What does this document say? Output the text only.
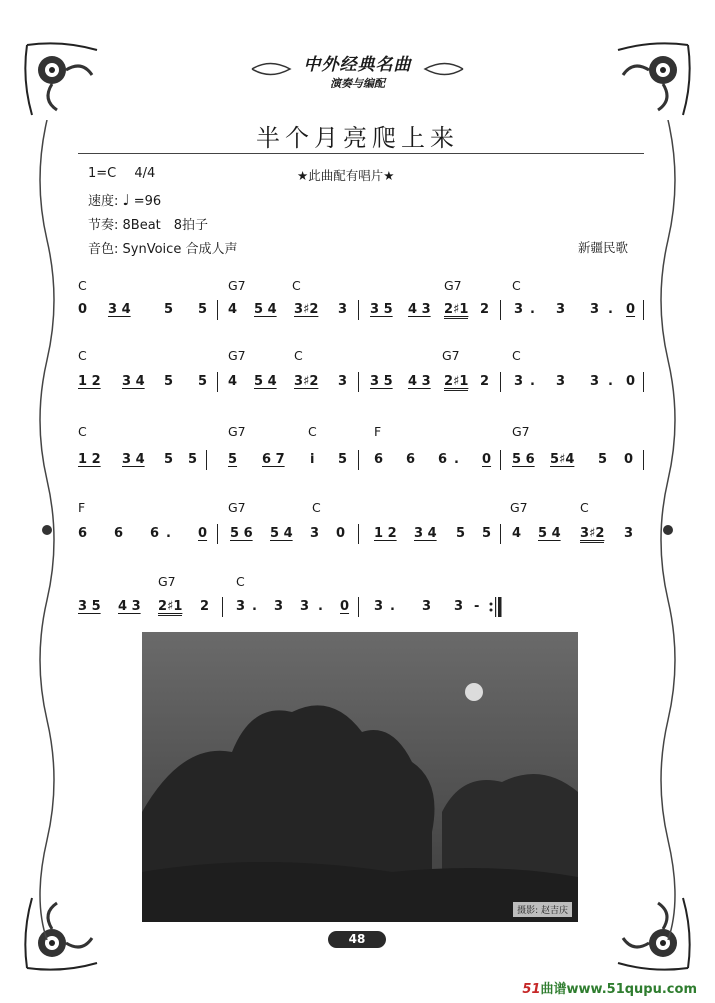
中外经典名曲
演奏与编配
半个月亮爬上来
1=C 4/4	★此曲配有唱片★
速度: ♩ =96
节奏: 8Beat　8拍子
音色: SynVoice 合成人声	新疆民歌
C	G7	C	G7	C
0 3 4	5 5 4 5 4 3♯2 3 3 5 4 3 2♯1 2 3 . 3 3 . 0
C	G7	C	G7	C
1 2 3 4 5 5 4 5 4 3♯2 3 3 5 4 3 2♯1 2 3 . 3 3 . 0
C	G7	C	F	G7
1 2 3 4 5 5 5 6 7 i 5 6 6 6 . 0 5 6 5♯4 5 0
F	G7	C	G7	C
6 6 6 . 0 5 6 5 4 3 0 1 2 3 4 5 5 4 5 4 3♯2 3
G7	C
3 5 4 3 2♯1 2 3 . 3 3 . 0 3 . 3 3 -
摄影: 赵吉庆
48
51曲谱www.51qupu.com
